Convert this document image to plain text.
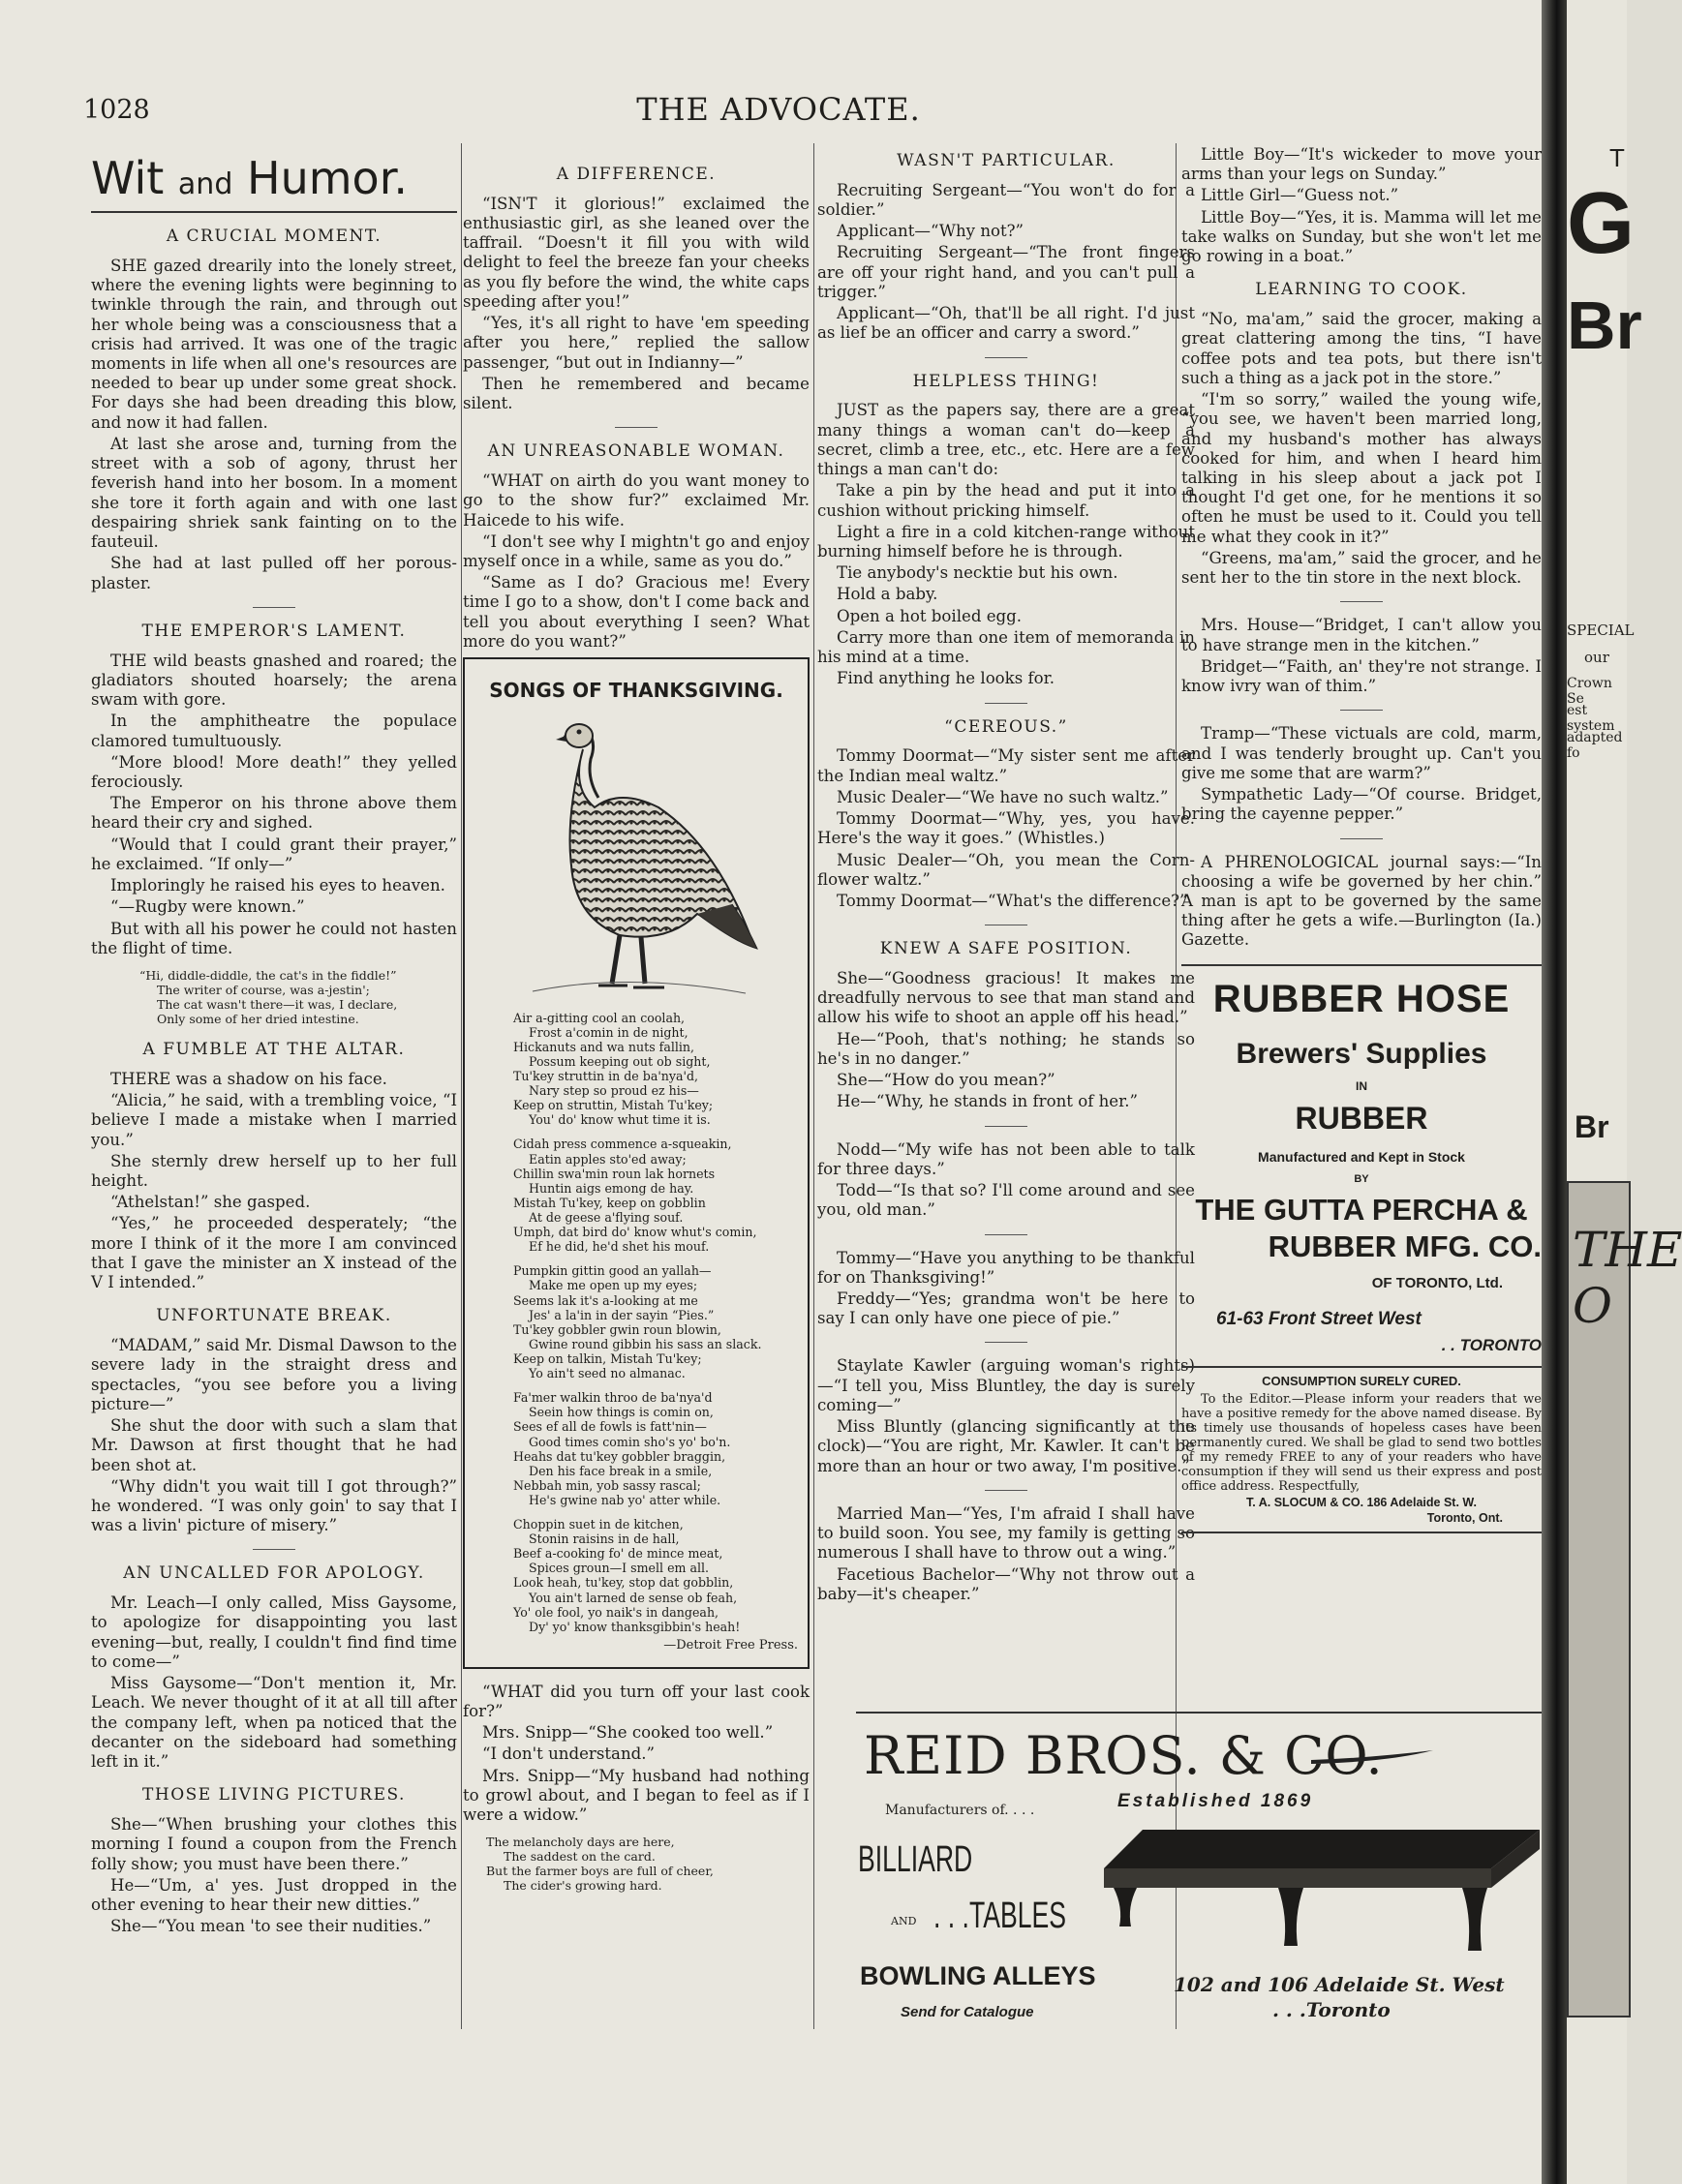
1028	THE ADVOCATE.
Wit and Humor.
A CRUCIAL MOMENT.

SHE gazed drearily into the lonely street, where the evening lights were beginning to twinkle through the rain, and through out her whole being was a consciousness that a crisis had arrived. It was one of the tragic moments in life when all one's resources are needed to bear up under some great shock. For days she had been dreading this blow, and now it had fallen.

At last she arose and, turning from the street with a sob of agony, thrust her feverish hand into her bosom. In a moment she tore it forth again and with one last despairing shriek sank fainting on to the fauteuil.

She had at last pulled off her porous-plaster.

THE EMPEROR'S LAMENT.

THE wild beasts gnashed and roared; the gladiators shouted hoarsely; the arena swam with gore.

In the amphitheatre the populace clamored tumultuously.

“More blood! More death!” they yelled ferociously.

The Emperor on his throne above them heard their cry and sighed.

“Would that I could grant their prayer,” he exclaimed. “If only—”

Imploringly he raised his eyes to heaven.

“—Rugby were known.”

But with all his power he could not hasten the flight of time.

“Hi, diddle-diddle, the cat's in the fiddle!”
The writer of course, was a-jestin';
The cat wasn't there—it was, I declare,
Only some of her dried intestine.
A FUMBLE AT THE ALTAR.

THERE was a shadow on his face.

“Alicia,” he said, with a trembling voice, “I believe I made a mistake when I married you.”

She sternly drew herself up to her full height.

“Athelstan!” she gasped.

“Yes,” he proceeded desperately; “the more I think of it the more I am convinced that I gave the minister an X instead of the V I intended.”

UNFORTUNATE BREAK.

“MADAM,” said Mr. Dismal Dawson to the severe lady in the straight dress and spectacles, “you see before you a living picture—”

She shut the door with such a slam that Mr. Dawson at first thought that he had been shot at.

“Why didn't you wait till I got through?” he wondered. “I was only goin' to say that I was a livin' picture of misery.”

AN UNCALLED FOR APOLOGY.

Mr. Leach—I only called, Miss Gaysome, to apologize for disappointing you last evening—but, really, I couldn't find find time to come—”

Miss Gaysome—“Don't mention it, Mr. Leach. We never thought of it at all till after the company left, when pa noticed that the decanter on the sideboard had something left in it.”

THOSE LIVING PICTURES.

She—“When brushing your clothes this morning I found a coupon from the French folly show; you must have been there.”

He—“Um, a' yes. Just dropped in the other evening to hear their new ditties.”

She—“You mean 'to see their nudities.”

A DIFFERENCE.

“ISN'T it glorious!” exclaimed the enthusiastic girl, as she leaned over the taffrail. “Doesn't it fill you with wild delight to feel the breeze fan your cheeks as you fly before the wind, the white caps speeding after you!”

“Yes, it's all right to have 'em speeding after you here,” replied the sallow passenger, “but out in Indianny—”

Then he remembered and became silent.

AN UNREASONABLE WOMAN.

“WHAT on airth do you want money to go to the show fur?” exclaimed Mr. Haicede to his wife.

“I don't see why I mightn't go and enjoy myself once in a while, same as you do.”

“Same as I do? Gracious me! Every time I go to a show, don't I come back and tell you about everything I seen? What more do you want?”

SONGS OF THANKSGIVING.
Air a-gitting cool an coolah,
Frost a'comin in de night,
Hickanuts and wa nuts fallin,
Possum keeping out ob sight,
Tu'key struttin in de ba'nya'd,
Nary step so proud ez his—
Keep on struttin, Mistah Tu'key;
You' do' know whut time it is.
Cidah press commence a-squeakin,
Eatin apples sto'ed away;
Chillin swa'min roun lak hornets
Huntin aigs emong de hay.
Mistah Tu'key, keep on gobblin
At de geese a'flying souf.
Umph, dat bird do' know whut's comin,
Ef he did, he'd shet his mouf.
Pumpkin gittin good an yallah—
Make me open up my eyes;
Seems lak it's a-looking at me
Jes' a la'in in der sayin “Pies.”
Tu'key gobbler gwin roun blowin,
Gwine round gibbin his sass an slack.
Keep on talkin, Mistah Tu'key;
Yo ain't seed no almanac.
Fa'mer walkin throo de ba'nya'd
Seein how things is comin on,
Sees ef all de fowls is fatt'nin—
Good times comin sho's yo' bo'n.
Heahs dat tu'key gobbler braggin,
Den his face break in a smile,
Nebbah min, yob sassy rascal;
He's gwine nab yo' atter while.
Choppin suet in de kitchen,
Stonin raisins in de hall,
Beef a-cooking fo' de mince meat,
Spices groun—I smell em all.
Look heah, tu'key, stop dat gobblin,
You ain't larned de sense ob feah,
Yo' ole fool, yo naik's in dangeah,
Dy' yo' know thanksgibbin's heah!
—Detroit Free Press.

“WHAT did you turn off your last cook for?”

Mrs. Snipp—“She cooked too well.”

“I don't understand.”

Mrs. Snipp—“My husband had nothing to growl about, and I began to feel as if I were a widow.”

The melancholy days are here,
The saddest on the card.
But the farmer boys are full of cheer,
The cider's growing hard.
WASN'T PARTICULAR.

Recruiting Sergeant—“You won't do for a soldier.”

Applicant—“Why not?”

Recruiting Sergeant—“The front fingers are off your right hand, and you can't pull a trigger.”

Applicant—“Oh, that'll be all right. I'd just as lief be an officer and carry a sword.”

HELPLESS THING!

JUST as the papers say, there are a great many things a woman can't do—keep a secret, climb a tree, etc., etc. Here are a few things a man can't do:

Take a pin by the head and put it into a cushion without pricking himself.

Light a fire in a cold kitchen-range without burning himself before he is through.

Tie anybody's necktie but his own.

Hold a baby.

Open a hot boiled egg.

Carry more than one item of memoranda in his mind at a time.

Find anything he looks for.

“CEREOUS.”

Tommy Doormat—“My sister sent me after the Indian meal waltz.”

Music Dealer—“We have no such waltz.”

Tommy Doormat—“Why, yes, you have. Here's the way it goes.” (Whistles.)

Music Dealer—“Oh, you mean the Corn-flower waltz.”

Tommy Doormat—“What's the difference?”

KNEW A SAFE POSITION.

She—“Goodness gracious! It makes me dreadfully nervous to see that man stand and allow his wife to shoot an apple off his head.”

He—“Pooh, that's nothing; he stands so he's in no danger.”

She—“How do you mean?”

He—“Why, he stands in front of her.”

Nodd—“My wife has not been able to talk for three days.”

Todd—“Is that so? I'll come around and see you, old man.”

Tommy—“Have you anything to be thankful for on Thanksgiving!”

Freddy—“Yes; grandma won't be here to say I can only have one piece of pie.”

Staylate Kawler (arguing woman's rights)—“I tell you, Miss Bluntley, the day is surely coming—”

Miss Bluntly (glancing significantly at the clock)—“You are right, Mr. Kawler. It can't be more than an hour or two away, I'm positive.”

Married Man—“Yes, I'm afraid I shall have to build soon. You see, my family is getting so numerous I shall have to throw out a wing.”

Facetious Bachelor—“Why not throw out a baby—it's cheaper.”

Little Boy—“It's wickeder to move your arms than your legs on Sunday.”

Little Girl—“Guess not.”

Little Boy—“Yes, it is. Mamma will let me take walks on Sunday, but she won't let me go rowing in a boat.”

LEARNING TO COOK.

“No, ma'am,” said the grocer, making a great clattering among the tins, “I have coffee pots and tea pots, but there isn't such a thing as a jack pot in the store.”

“I'm so sorry,” wailed the young wife, “you see, we haven't been married long, and my husband's mother has always cooked for him, and when I heard him talking in his sleep about a jack pot I thought I'd get one, for he mentions it so often he must be used to it. Could you tell me what they cook in it?”

“Greens, ma'am,” said the grocer, and he sent her to the tin store in the next block.

Mrs. House—“Bridget, I can't allow you to have strange men in the kitchen.”

Bridget—“Faith, an' they're not strange. I know ivry wan of thim.”

Tramp—“These victuals are cold, marm, and I was tenderly brought up. Can't you give me some that are warm?”

Sympathetic Lady—“Of course. Bridget, bring the cayenne pepper.”

A PHRENOLOGICAL journal says:—“In choosing a wife be governed by her chin.” A man is apt to be governed by the same thing after he gets a wife.—Burlington (Ia.) Gazette.

RUBBER HOSE
Brewers' Supplies
IN
RUBBER
Manufactured and Kept in Stock
BY
THE GUTTA PERCHA &
RUBBER MFG. CO.
OF TORONTO, Ltd.
61-63 Front Street West
. . TORONTO
CONSUMPTION SURELY CURED.

To the Editor.—Please inform your readers that we have a positive remedy for the above named disease. By its timely use thousands of hopeless cases have been permanently cured. We shall be glad to send two bottles of my remedy FREE to any of your readers who have consumption if they will send us their express and post office address. Respectfully,

T. A. SLOCUM & CO. 186 Adelaide St. W.
Toronto, Ont.
REID BROS. & CO.
Established 1869
Manufacturers of. . . .
BILLIARD
AND . . .TABLES
BOWLING ALLEYS
Send for Catalogue
102 and 106 Adelaide St. West
. . .Toronto
T
G
Br
SPECIAL
our
Crown Se
est system
adapted fo
Br
THE O
